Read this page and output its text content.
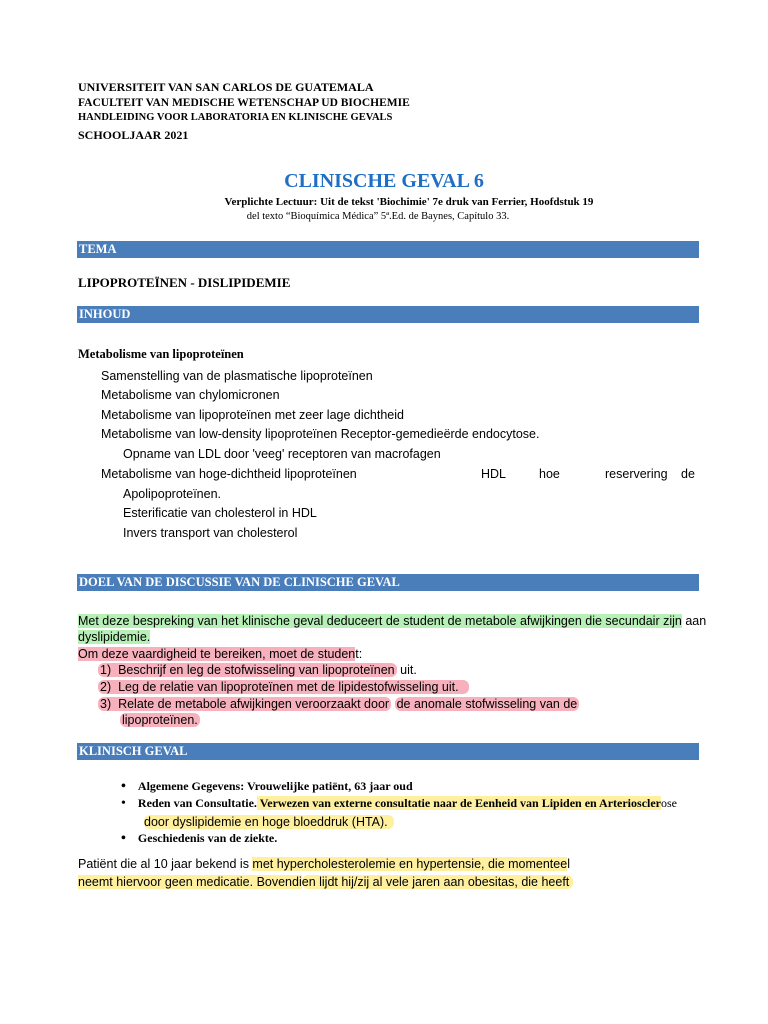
UNIVERSITEIT VAN SAN CARLOS DE GUATEMALA
FACULTEIT VAN MEDISCHE WETENSCHAP UD BIOCHEMIE
HANDLEIDING VOOR LABORATORIA EN KLINISCHE GEVALS
SCHOOLJAAR 2021
CLINISCHE GEVAL 6
Verplichte Lectuur: Uit de tekst 'Biochimie' 7e druk van Ferrier, Hoofdstuk 19
del texto “Bioquímica Médica” 5ª.Ed. de Baynes, Capítulo 33.
TEMA
LIPOPROTEÏNEN - DISLIPIDEMIE
INHOUD
Metabolisme van lipoproteïnen
Samenstelling van de plasmatische lipoproteïnen
Metabolisme van chylomicronen
Metabolisme van lipoproteïnen met zeer lage dichtheid
Metabolisme van low-density lipoproteïnen Receptor-gemedieërde endocytose.
Opname van LDL door 'veeg' receptoren van macrofagen
Metabolisme van hoge-dichtheid lipoproteïnen	HDL	hoe	reservering de
Apolipoproteïnen.
Esterificatie van cholesterol in HDL
Invers transport van cholesterol
DOEL VAN DE DISCUSSIE VAN DE CLINISCHE GEVAL
Met deze bespreking van het klinische geval deduceert de student de metabole afwijkingen die secundair zijn aan
dyslipidemie.
Om deze vaardigheid te bereiken, moet de student:
1) Beschrijf en leg de stofwisseling van lipoproteïnen uit.
2) Leg de relatie van lipoproteïnen met de lipidestofwisseling uit.
3) Relate de metabole afwijkingen veroorzaakt door de anomale stofwisseling van de
lipoproteïnen.
KLINISCH GEVAL
• Algemene Gegevens: Vrouwelijke patiënt, 63 jaar oud
• Reden van Consultatie. Verwezen van externe consultatie naar de Eenheid van Lipiden en Arteriosclerose
door dyslipidemie en hoge bloeddruk (HTA).
• Geschiedenis van de ziekte.
Patiënt die al 10 jaar bekend is met hypercholesterolemie en hypertensie, die momenteel
neemt hiervoor geen medicatie. Bovendien lijdt hij/zij al vele jaren aan obesitas, die heeft
